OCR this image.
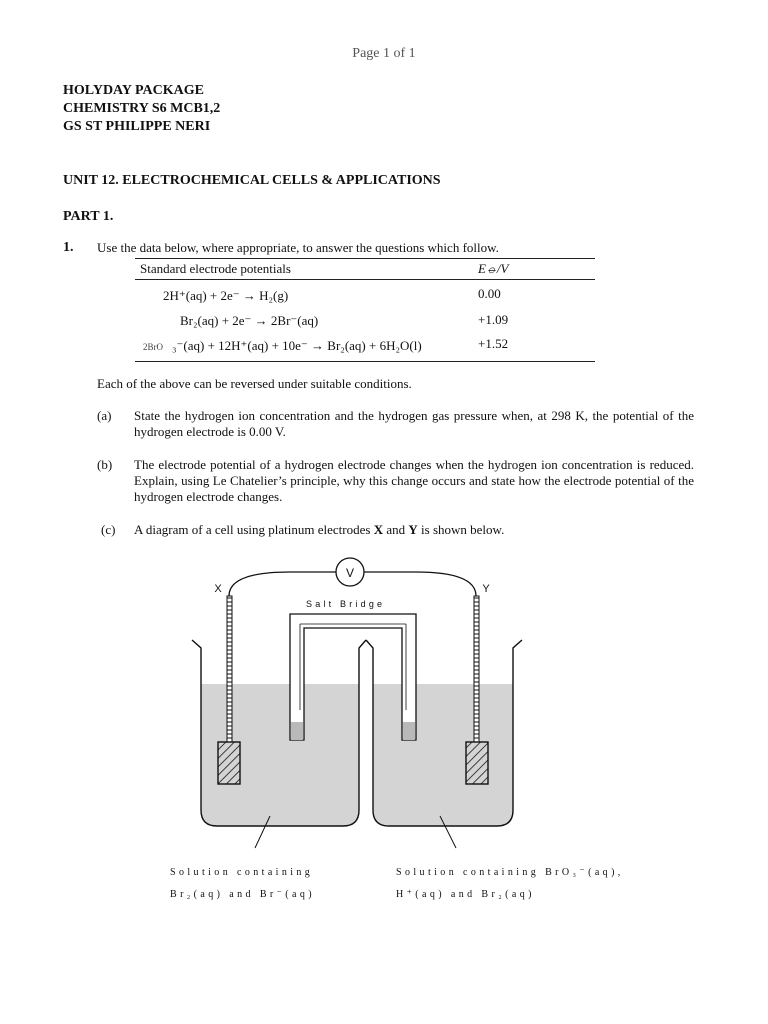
Page 1 of 1
HOLYDAY PACKAGE
CHEMISTRY S6 MCB1,2
GS ST PHILIPPE NERI
UNIT 12. ELECTROCHEMICAL CELLS & APPLICATIONS
PART 1.
1. Use the data below, where appropriate, to answer the questions which follow.
Standard electrode potentials	E⦵/V
2H⁺(aq) + 2e⁻ → H₂(g)	0.00
Br₂(aq) + 2e⁻ → 2Br⁻(aq)	+1.09
2BrO ₃⁻(aq) + 12H⁺(aq) + 10e⁻ → Br₂(aq) + 6H₂O(l)	+1.52
Each of the above can be reversed under suitable conditions.
(a) State the hydrogen ion concentration and the hydrogen gas pressure when, at 298 K, the potential of the hydrogen electrode is 0.00 V.
(b) The electrode potential of a hydrogen electrode changes when the hydrogen ion concentration is reduced. Explain, using Le Chatelier’s principle, why this change occurs and state how the electrode potential of the hydrogen electrode changes.
(c) A diagram of a cell using platinum electrodes X and Y is shown below.
V
X	Y
Salt Bridge
Solution containing
Br₂(aq) and Br⁻(aq)
Solution containing BrO₃⁻(aq),
H⁺(aq) and Br₂(aq)
